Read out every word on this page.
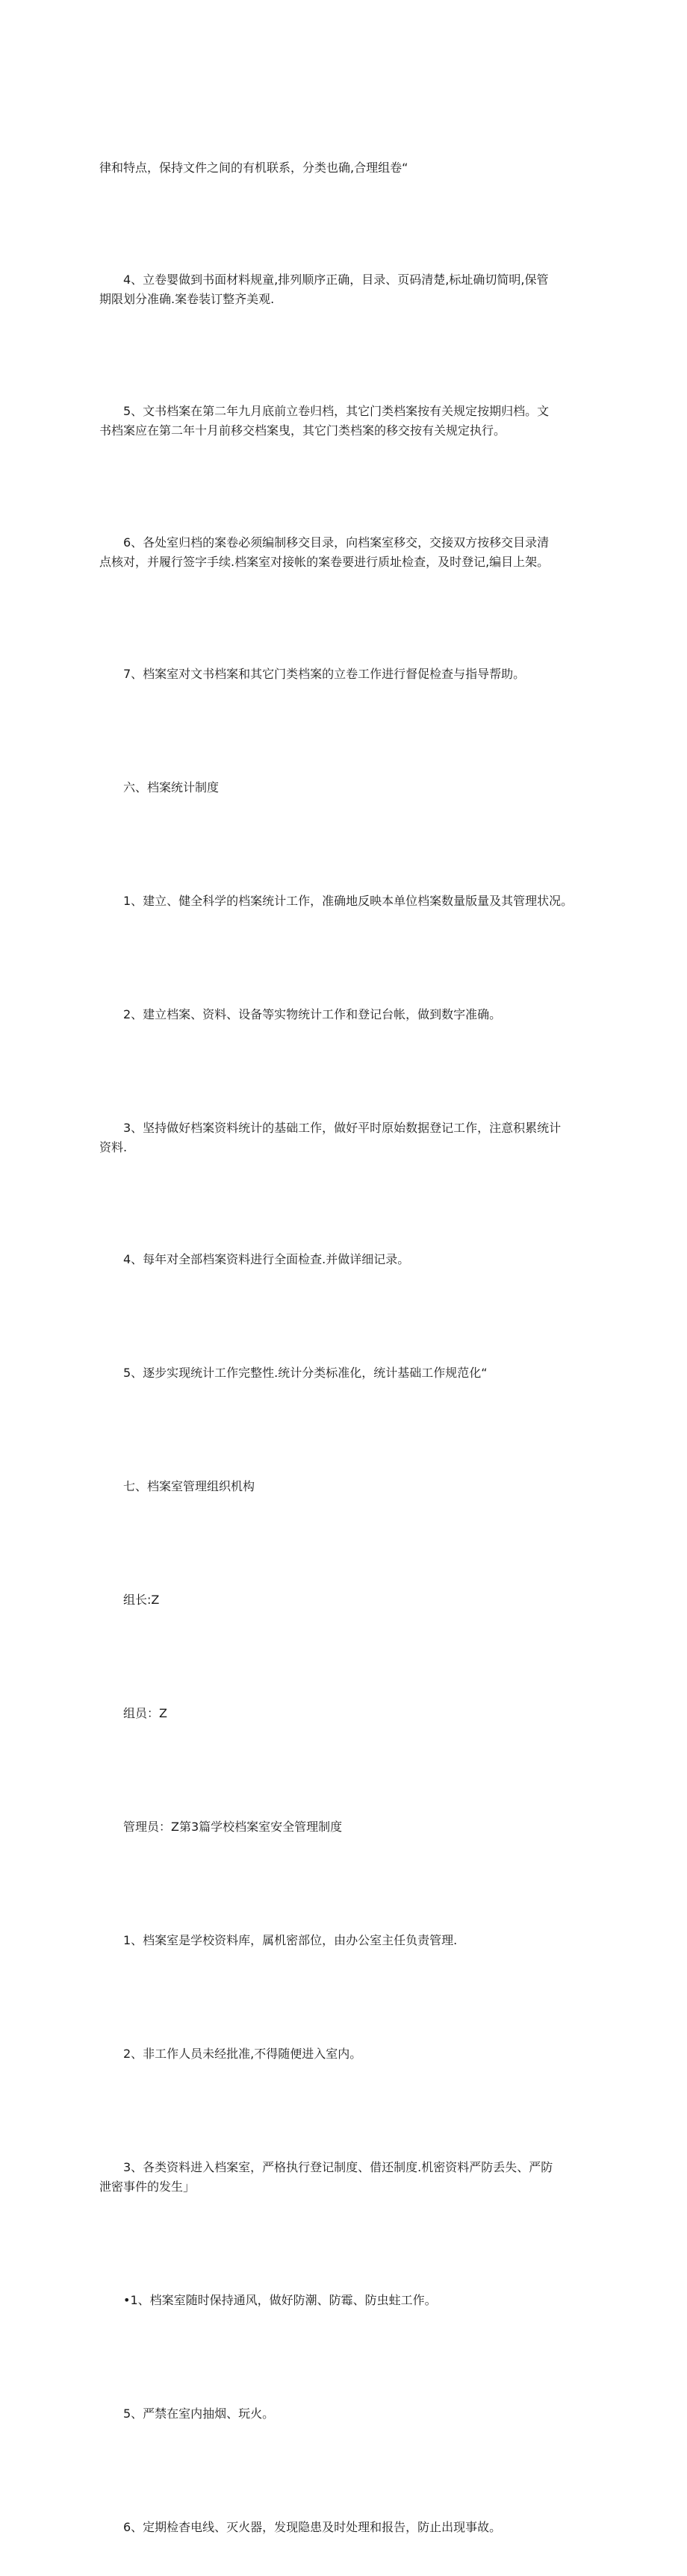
律和特点，保持文件之间的有机联系，分类也确,合理组卷“

4、立卷婴做到书面材料规童,排列顺序正确，目录、页码清楚,标址确切简明,保管
期限划分准确.案卷装订整齐美观.

5、文书档案在第二年九月底前立卷归档，其它门类档案按有关规定按期归档。文
书档案应在第二年十月前移交档案曳，其它门类档案的移交按有关规定执行。

6、各处室归档的案卷必须编制移交目录，向档案室移交，交接双方按移交目录清
点核对，并履行签字手续.档案室对接帐的案卷要进行质址检查，及时登记,编目上架。

7、档案室对文书档案和其它门类档案的立卷工作进行督促检查与指导帮助。

六、档案统计制度

1、建立、健全科学的档案统计工作，准确地反映本单位档案数量版量及其管理状况。

2、建立档案、资料、设备等实物统计工作和登记台帐，做到数字准确。

3、坚持做好档案资料统计的基础工作，做好平时原始数据登记工作，注意积累统计
资料.

4、每年对全部档案资料进行全面检查.并做详细记录。

5、逐步实现统计工作完整性.统计分类标准化，统计基础工作规范化“

七、档案室管理组织机构

组长:Z

组员：Z

管理员：Z第3篇学校档案室安全管理制度

1、档案室是学校资料库，属机密部位，由办公室主任负责管理.

2、非工作人员未经批准,不得随便进入室内。

3、各类资料进入档案室，严格执行登记制度、借还制度.机密资料严防丢失、严防
泄密事件的发生」

•1、档案室随时保持通风，做好防潮、防霉、防虫蛀工作。

5、严禁在室内抽烟、玩火。

6、定期检杳电线、灭火器，发现隐患及时处理和报告，防止出现事故。
